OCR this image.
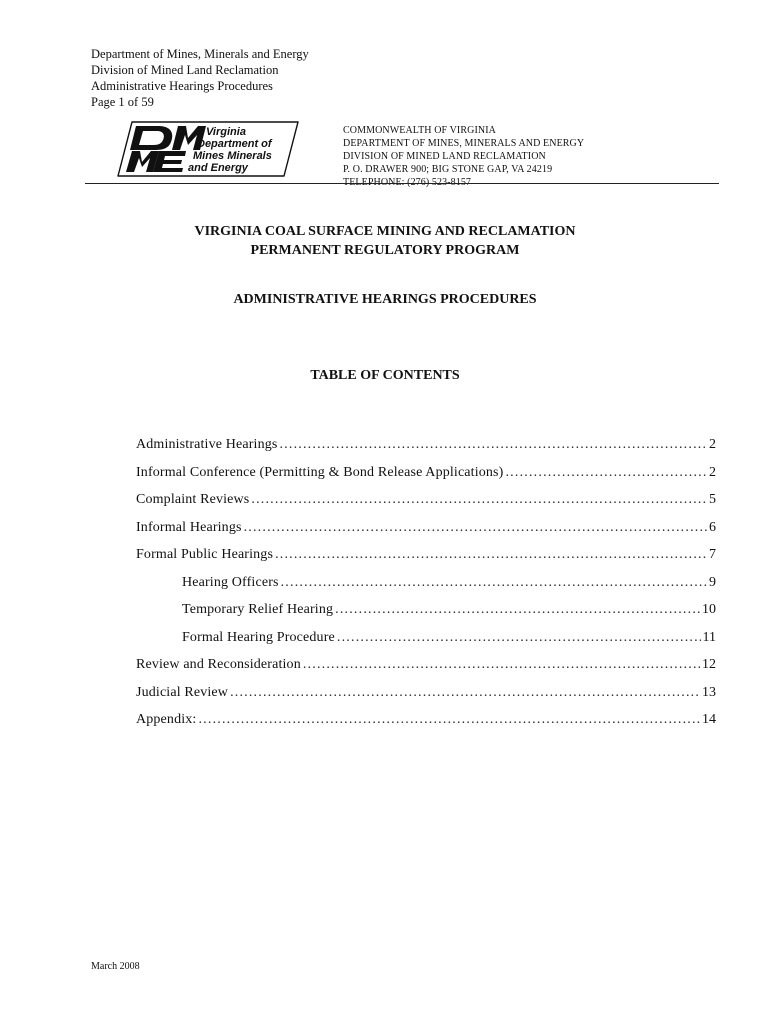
Department of Mines, Minerals and Energy
Division of Mined Land Reclamation
Administrative Hearings Procedures
Page 1 of 59
Virginia
Department of
Mines Minerals
and Energy
COMMONWEALTH OF VIRGINIA
DEPARTMENT OF MINES, MINERALS AND ENERGY
DIVISION OF MINED LAND RECLAMATION
P. O. DRAWER 900; BIG STONE GAP, VA 24219
TELEPHONE: (276) 523-8157
VIRGINIA COAL SURFACE MINING AND RECLAMATION
PERMANENT REGULATORY PROGRAM
ADMINISTRATIVE HEARINGS PROCEDURES
TABLE OF CONTENTS
Administrative Hearings .....	2
Informal Conference (Permitting & Bond Release Applications) .....	2
Complaint Reviews .....	5
Informal Hearings .....	6
Formal Public Hearings .....	7
Hearing Officers .....	9
Temporary Relief Hearing .....	10
Formal Hearing Procedure .....	11
Review and Reconsideration .....	12
Judicial Review .....	13
Appendix: .....	14
March 2008
